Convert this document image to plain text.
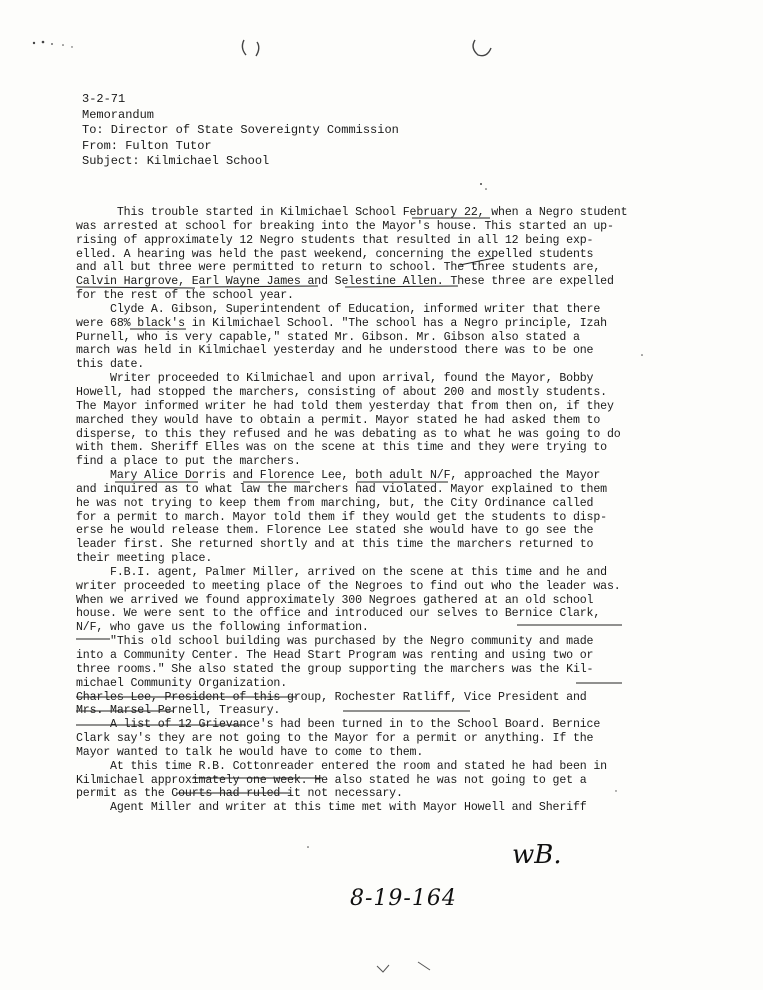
3-2-71
Memorandum
To: Director of State Sovereignty Commission
From: Fulton Tutor
Subject: Kilmichael School
This trouble started in Kilmichael School February 22, when a Negro student
was arrested at school for breaking into the Mayor's house. This started an up-
rising of approximately 12 Negro students that resulted in all 12 being exp-
elled. A hearing was held the past weekend, concerning the expelled students
and all but three were permitted to return to school. The three students are,
Calvin Hargrove, Earl Wayne James and Selestine Allen. These three are expelled
for the rest of the school year.
Clyde A. Gibson, Superintendent of Education, informed writer that there
were 68% black's in Kilmichael School. "The school has a Negro principle, Izah
Purnell, who is very capable," stated Mr. Gibson. Mr. Gibson also stated a
march was held in Kilmichael yesterday and he understood there was to be one
this date.
Writer proceeded to Kilmichael and upon arrival, found the Mayor, Bobby
Howell, had stopped the marchers, consisting of about 200 and mostly students.
The Mayor informed writer he had told them yesterday that from then on, if they
marched they would have to obtain a permit. Mayor stated he had asked them to
disperse, to this they refused and he was debating as to what he was going to do
with them. Sheriff Elles was on the scene at this time and they were trying to
find a place to put the marchers.
Mary Alice Dorris and Florence Lee, both adult N/F, approached the Mayor
and inquired as to what law the marchers had violated. Mayor explained to them
he was not trying to keep them from marching, but, the City Ordinance called
for a permit to march. Mayor told them if they would get the students to disp-
erse he would release them. Florence Lee stated she would have to go see the
leader first. She returned shortly and at this time the marchers returned to
their meeting place.
F.B.I. agent, Palmer Miller, arrived on the scene at this time and he and
writer proceeded to meeting place of the Negroes to find out who the leader was.
When we arrived we found approximately 300 Negroes gathered at an old school
house. We were sent to the office and introduced our selves to Bernice Clark,
N/F, who gave us the following information.
"This old school building was purchased by the Negro community and made
into a Community Center. The Head Start Program was renting and using two or
three rooms." She also stated the group supporting the marchers was the Kil-
michael Community Organization.
Charles Lee, President of this group, Rochester Ratliff, Vice President and
Mrs. Marsel Pernell, Treasury.
A list of 12 Grievance's had been turned in to the School Board. Bernice
Clark say's they are not going to the Mayor for a permit or anything. If the
Mayor wanted to talk he would have to come to them.
At this time R.B. Cottonreader entered the room and stated he had been in
Kilmichael approximately one week. He also stated he was not going to get a
permit as the Courts had ruled it not necessary.
Agent Miller and writer at this time met with Mayor Howell and Sheriff
wB.
8-19-164
